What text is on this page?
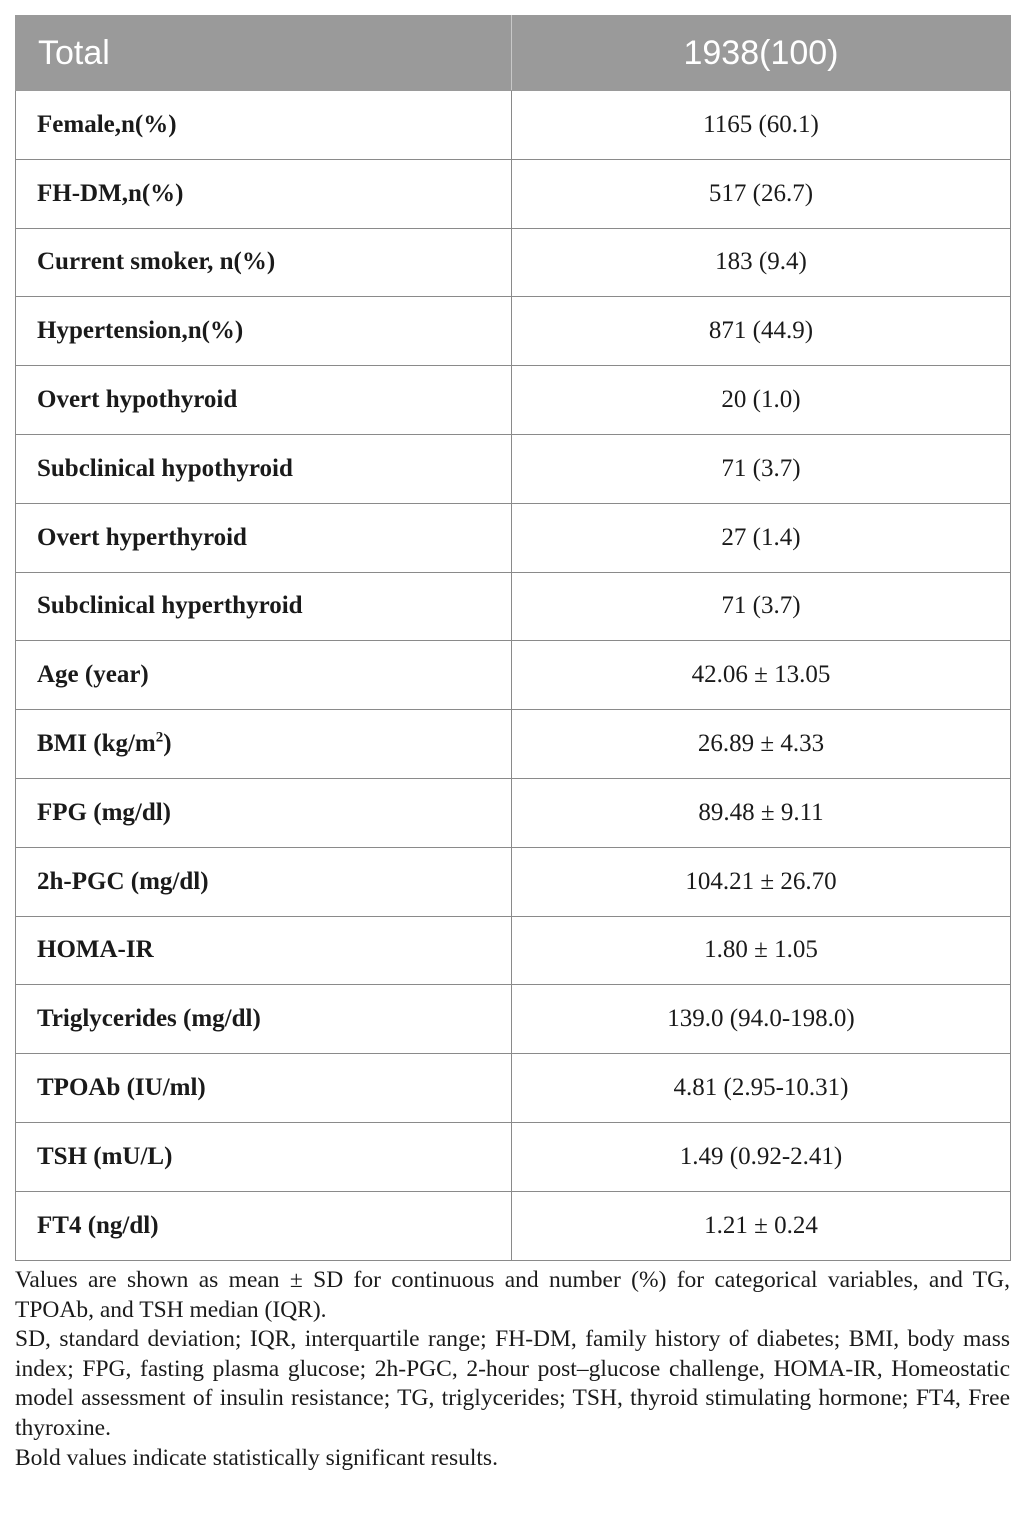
Total	1938(100)
Female,n(%)	1165 (60.1)
FH-DM,n(%)	517 (26.7)
Current smoker, n(%)	183 (9.4)
Hypertension,n(%)	871 (44.9)
Overt hypothyroid	20 (1.0)
Subclinical hypothyroid	71 (3.7)
Overt hyperthyroid	27 (1.4)
Subclinical hyperthyroid	71 (3.7)
Age (year)	42.06 ± 13.05
BMI $(kg/m^2)$	26.89 ± 4.33
FPG (mg/dl)	89.48 ± 9.11
2h-PGC (mg/dl)	104.21 ± 26.70
HOMA-IR	1.80 ± 1.05
Triglycerides (mg/dl)	139.0 (94.0-198.0)
TPOAb (IU/ml)	4.81 (2.95-10.31)
TSH (mU/L)	1.49 (0.92-2.41)
FT4 (ng/dl)	1.21 ± 0.24

Values are shown as mean ± SD for continuous and number (%) for categorical variables, and TG, TPOAb, and TSH median (IQR).

SD, standard deviation; IQR, interquartile range; FH-DM, family history of diabetes; BMI, body mass index; FPG, fasting plasma glucose; 2h-PGC, 2-hour post–glucose challenge, HOMA-IR, Homeostatic model assessment of insulin resistance; TG, triglycerides; TSH, thyroid stimulating hormone; FT4, Free thyroxine.

Bold values indicate statistically significant results.
